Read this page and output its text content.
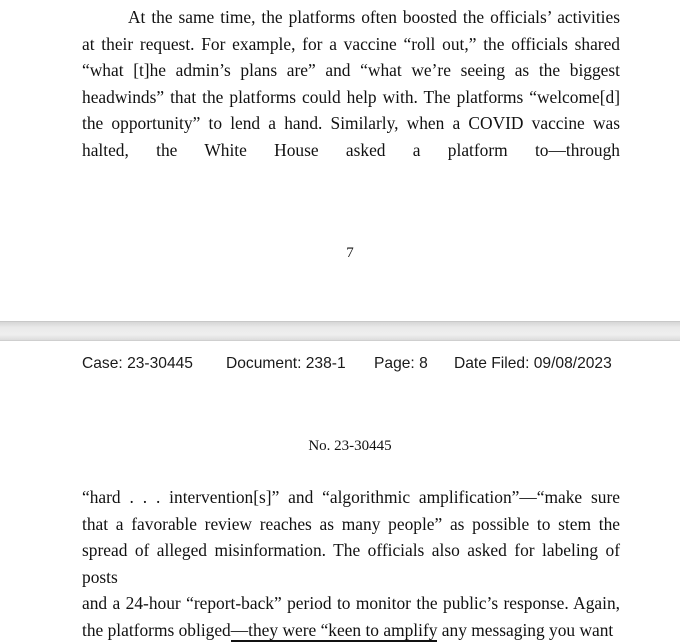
At the same time, the platforms often boosted the officials’ activities
at their request. For example, for a vaccine “roll out,” the officials shared
“what [t]he admin’s plans are” and “what we’re seeing as the biggest
headwinds” that the platforms could help with. The platforms “welcome[d]
the opportunity” to lend a hand. Similarly, when a COVID vaccine was
halted, the White House asked a platform to—through
7
Case: 23-30445 Document: 238-1 Page: 8 Date Filed: 09/08/2023
No. 23-30445
“hard . . . intervention[s]” and “algorithmic amplification”—“make sure
that a favorable review reaches as many people” as possible to stem the
spread of alleged misinformation. The officials also asked for labeling of posts
and a 24-hour “report-back” period to monitor the public’s response. Again,
the platforms obliged—they were “keen to amplify any messaging you want
